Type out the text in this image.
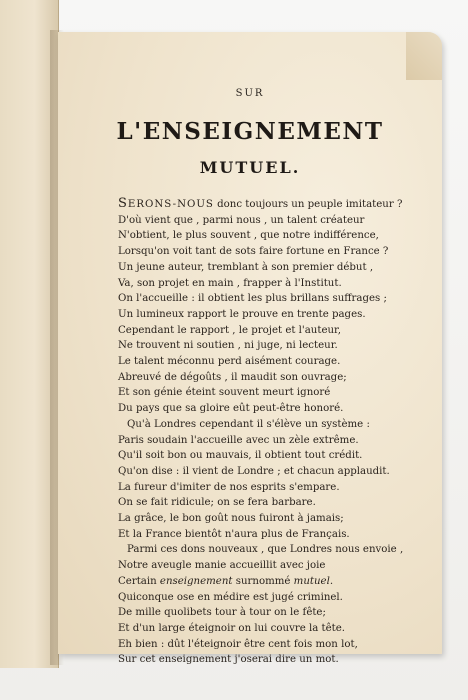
SUR
L'ENSEIGNEMENT
MUTUEL.
SERONS-NOUS donc toujours un peuple imitateur ?
D'où vient que , parmi nous , un talent créateur
N'obtient, le plus souvent , que notre indifférence,
Lorsqu'on voit tant de sots faire fortune en France ?
Un jeune auteur, tremblant à son premier début ,
Va, son projet en main , frapper à l'Institut.
On l'accueille : il obtient les plus brillans suffrages ;
Un lumineux rapport le prouve en trente pages.
Cependant le rapport , le projet et l'auteur,
Ne trouvent ni soutien , ni juge, ni lecteur.
Le talent méconnu perd aisément courage.
Abreuvé de dégoûts , il maudit son ouvrage;
Et son génie éteint souvent meurt ignoré
Du pays que sa gloire eût peut-être honoré.
Qu'à Londres cependant il s'élève un système :
Paris soudain l'accueille avec un zèle extrême.
Qu'il soit bon ou mauvais, il obtient tout crédit.
Qu'on dise : il vient de Londre ; et chacun applaudit.
La fureur d'imiter de nos esprits s'empare.
On se fait ridicule; on se fera barbare.
La grâce, le bon goût nous fuiront à jamais;
Et la France bientôt n'aura plus de Français.
Parmi ces dons nouveaux , que Londres nous envoie ,
Notre aveugle manie accueillit avec joie
Certain enseignement surnommé mutuel.
Quiconque ose en médire est jugé criminel.
De mille quolibets tour à tour on le fête;
Et d'un large éteignoir on lui couvre la tête.
Eh bien : dût l'éteignoir être cent fois mon lot,
Sur cet enseignement j'oserai dire un mot.
